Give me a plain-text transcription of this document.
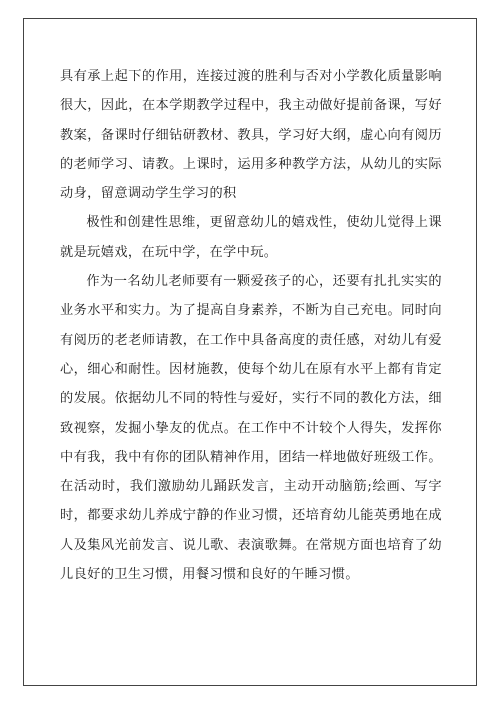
具有承上起下的作用，连接过渡的胜利与否对小学教化质量影响很大，因此，在本学期教学过程中，我主动做好提前备课，写好教案，备课时仔细钻研教材、教具，学习好大纲，虚心向有阅历的老师学习、请教。上课时，运用多种教学方法，从幼儿的实际动身，留意调动学生学习的积

极性和创建性思维，更留意幼儿的嬉戏性，使幼儿觉得上课就是玩嬉戏，在玩中学，在学中玩。

作为一名幼儿老师要有一颗爱孩子的心，还要有扎扎实实的业务水平和实力。为了提高自身素养，不断为自己充电。同时向有阅历的老老师请教，在工作中具备高度的责任感，对幼儿有爱心，细心和耐性。因材施教，使每个幼儿在原有水平上都有肯定的发展。依据幼儿不同的特性与爱好，实行不同的教化方法，细致视察，发掘小挚友的优点。在工作中不计较个人得失，发挥你中有我，我中有你的团队精神作用，团结一样地做好班级工作。在活动时，我们激励幼儿踊跃发言，主动开动脑筋;绘画、写字时，都要求幼儿养成宁静的作业习惯，还培育幼儿能英勇地在成人及集风光前发言、说儿歌、表演歌舞。在常规方面也培育了幼儿良好的卫生习惯，用餐习惯和良好的午睡习惯。
